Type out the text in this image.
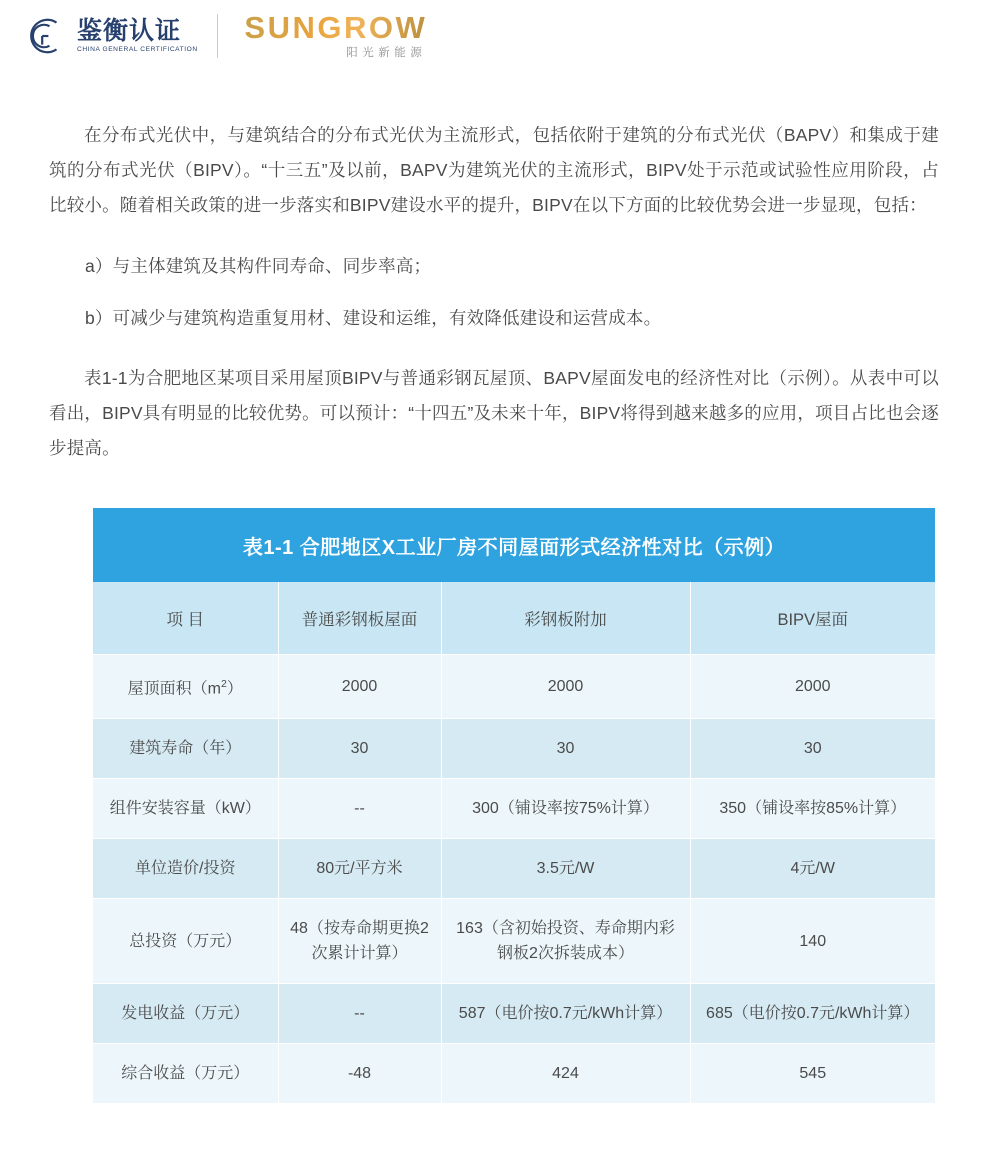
鉴衡认证
CHINA GENERAL CERTIFICATION
SUNGROW
阳光新能源

在分布式光伏中，与建筑结合的分布式光伏为主流形式，包括依附于建筑的分布式光伏（BAPV）和集成于建筑的分布式光伏（BIPV）。“十三五”及以前，BAPV为建筑光伏的主流形式，BIPV处于示范或试验性应用阶段，占比较小。随着相关政策的进一步落实和BIPV建设水平的提升，BIPV在以下方面的比较优势会进一步显现，包括：

a）与主体建筑及其构件同寿命、同步率高；

b）可减少与建筑构造重复用材、建设和运维，有效降低建设和运营成本。

表1-1为合肥地区某项目采用屋顶BIPV与普通彩钢瓦屋顶、BAPV屋面发电的经济性对比（示例）。从表中可以看出，BIPV具有明显的比较优势。可以预计：“十四五”及未来十年，BIPV将得到越来越多的应用，项目占比也会逐步提高。

表1-1 合肥地区X工业厂房不同屋面形式经济性对比（示例）			
项 目	普通彩钢板屋面	彩钢板附加	BIPV屋面
屋顶面积$(m^2)$	2000	2000	2000
建筑寿命（年）	30	30	30
组件安装容量（kW）	--	300（铺设率按75%计算）	350（铺设率按85%计算）
单位造价/投资	80元/平方米	3.5元/W	4元/W
总投资（万元）	48（按寿命期更换2次累计计算）	163（含初始投资、寿命期内彩钢板2次拆装成本）	140
发电收益（万元）	--	587（电价按0.7元/kWh计算）	685（电价按0.7元/kWh计算）
综合收益（万元）	-48	424	545
